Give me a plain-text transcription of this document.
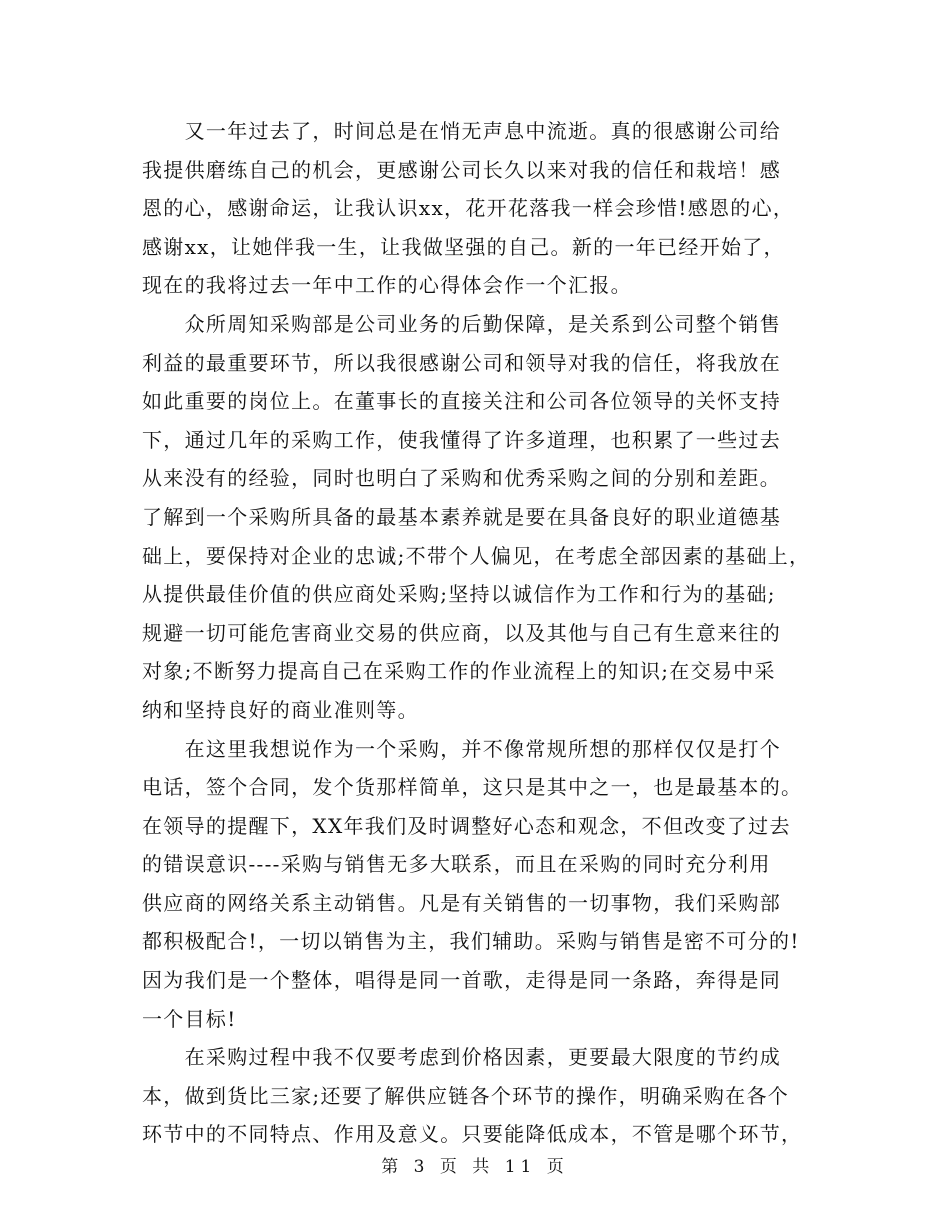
　　又一年过去了，时间总是在悄无声息中流逝。真的很感谢公司给
我提供磨练自己的机会，更感谢公司长久以来对我的信任和栽培！感
恩的心，感谢命运，让我认识xx，花开花落我一样会珍惜!感恩的心，
感谢xx，让她伴我一生，让我做坚强的自己。新的一年已经开始了，
现在的我将过去一年中工作的心得体会作一个汇报。
　　众所周知采购部是公司业务的后勤保障，是关系到公司整个销售
利益的最重要环节，所以我很感谢公司和领导对我的信任，将我放在
如此重要的岗位上。在董事长的直接关注和公司各位领导的关怀支持
下，通过几年的采购工作，使我懂得了许多道理，也积累了一些过去
从来没有的经验，同时也明白了采购和优秀采购之间的分别和差距。
了解到一个采购所具备的最基本素养就是要在具备良好的职业道德基
础上，要保持对企业的忠诚;不带个人偏见，在考虑全部因素的基础上，
从提供最佳价值的供应商处采购;坚持以诚信作为工作和行为的基础;
规避一切可能危害商业交易的供应商，以及其他与自己有生意来往的
对象;不断努力提高自己在采购工作的作业流程上的知识;在交易中采
纳和坚持良好的商业准则等。
　　在这里我想说作为一个采购，并不像常规所想的那样仅仅是打个
电话，签个合同，发个货那样简单，这只是其中之一，也是最基本的。
在领导的提醒下，XX年我们及时调整好心态和观念，不但改变了过去
的错误意识----采购与销售无多大联系，而且在采购的同时充分利用
供应商的网络关系主动销售。凡是有关销售的一切事物，我们采购部
都积极配合!，一切以销售为主，我们辅助。采购与销售是密不可分的!
因为我们是一个整体，唱得是同一首歌，走得是同一条路，奔得是同
一个目标!
　　在采购过程中我不仅要考虑到价格因素，更要最大限度的节约成
本，做到货比三家;还要了解供应链各个环节的操作，明确采购在各个
环节中的不同特点、作用及意义。只要能降低成本，不管是哪个环节，
第 3 页 共 11 页
